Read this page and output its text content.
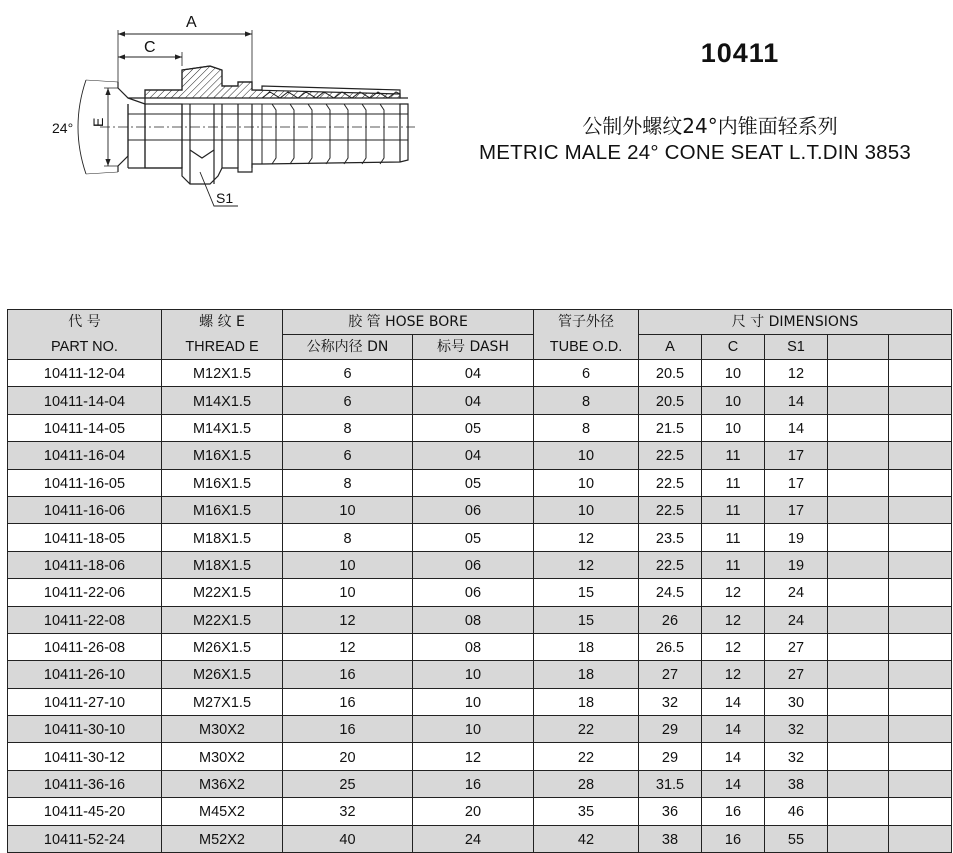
A
C
E
24°
S1
10411
公制外螺纹24°内锥面轻系列
METRIC MALE 24° CONE SEAT L.T.DIN 3853
代 号	螺 纹 E	胶 管 HOSE BORE		管子外径	尺 寸 DIMENSIONS				
PART NO.	THREAD E	公称内径 DN	标号 DASH	TUBE O.D.	A	C	S1		
10411-12-04	M12X1.5	6	04	6	20.5	10	12		
10411-14-04	M14X1.5	6	04	8	20.5	10	14		
10411-14-05	M14X1.5	8	05	8	21.5	10	14		
10411-16-04	M16X1.5	6	04	10	22.5	11	17		
10411-16-05	M16X1.5	8	05	10	22.5	11	17		
10411-16-06	M16X1.5	10	06	10	22.5	11	17		
10411-18-05	M18X1.5	8	05	12	23.5	11	19		
10411-18-06	M18X1.5	10	06	12	22.5	11	19		
10411-22-06	M22X1.5	10	06	15	24.5	12	24		
10411-22-08	M22X1.5	12	08	15	26	12	24		
10411-26-08	M26X1.5	12	08	18	26.5	12	27		
10411-26-10	M26X1.5	16	10	18	27	12	27		
10411-27-10	M27X1.5	16	10	18	32	14	30		
10411-30-10	M30X2	16	10	22	29	14	32		
10411-30-12	M30X2	20	12	22	29	14	32		
10411-36-16	M36X2	25	16	28	31.5	14	38		
10411-45-20	M45X2	32	20	35	36	16	46		
10411-52-24	M52X2	40	24	42	38	16	55		
